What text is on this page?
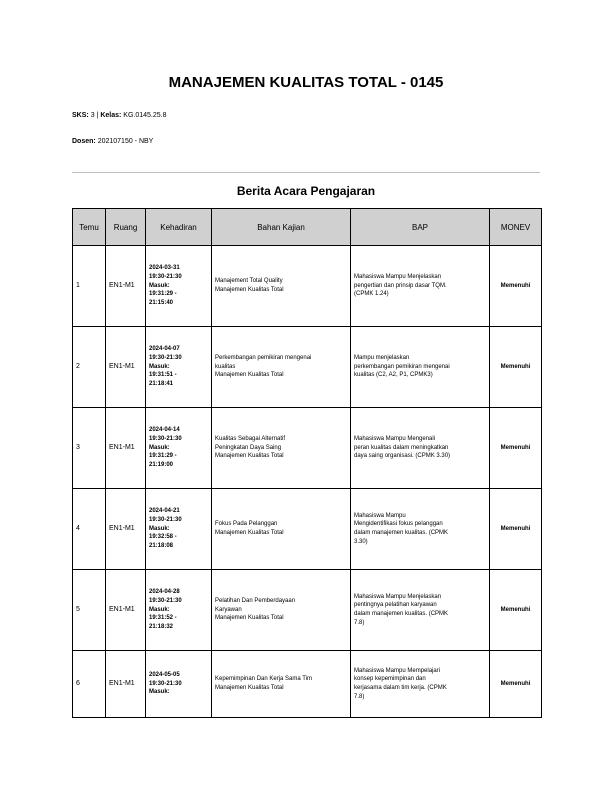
MANAJEMEN KUALITAS TOTAL - 0145
SKS: 3 | Kelas: KG.0145.25.8
Dosen: 202107150 - NBY
Berita Acara Pengajaran
Temu	Ruang	Kehadiran	Bahan Kajian	BAP	MONEV
1	EN1-M1	2024-03-31
19:30-21:30
Masuk:
19:31:29 -
21:15:40	Manajement Total Quality
Manajemen Kualitas Total	Mahasiswa Mampu Menjelaskan
pengertian dan prinsip dasar TQM.
(CPMK 1.24)	Memenuhi
2	EN1-M1	2024-04-07
19:30-21:30
Masuk:
19:31:51 -
21:18:41	Perkembangan pemikiran mengenai
kualitas
Manajemen Kualitas Total	Mampu menjelaskan
perkembangan pemikiran mengenai
kualitas (C2, A2, P1, CPMK3)	Memenuhi
3	EN1-M1	2024-04-14
19:30-21:30
Masuk:
19:31:29 -
21:19:00	Kualitas Sebagai Alternatif
Peningkatan Daya Saing
Manajemen Kualitas Total	Mahasiswa Mampu Mengenali
peran kualitas dalam meningkatkan
daya saing organisasi. (CPMK 3.30)	Memenuhi
4	EN1-M1	2024-04-21
19:30-21:30
Masuk:
19:32:58 -
21:18:08	Fokus Pada Pelanggan
Manajemen Kualitas Total	Mahasiswa Mampu
Mengidentifikasi fokus pelanggan
dalam manajemen kualitas. (CPMK
3.30)	Memenuhi
5	EN1-M1	2024-04-28
19:30-21:30
Masuk:
19:31:52 -
21:18:32	Pelatihan Dan Pemberdayaan
Karyawan
Manajemen Kualitas Total	Mahasiswa Mampu Menjelaskan
pentingnya pelatihan karyawan
dalam manajemen kualitas. (CPMK
7.8)	Memenuhi
6	EN1-M1	2024-05-05
19:30-21:30
Masuk:	Kepemimpinan Dan Kerja Sama Tim
Manajemen Kualitas Total	Mahasiswa Mampu Mempelajari
konsep kepemimpinan dan
kerjasama dalam tim kerja. (CPMK
7.8)	Memenuhi
